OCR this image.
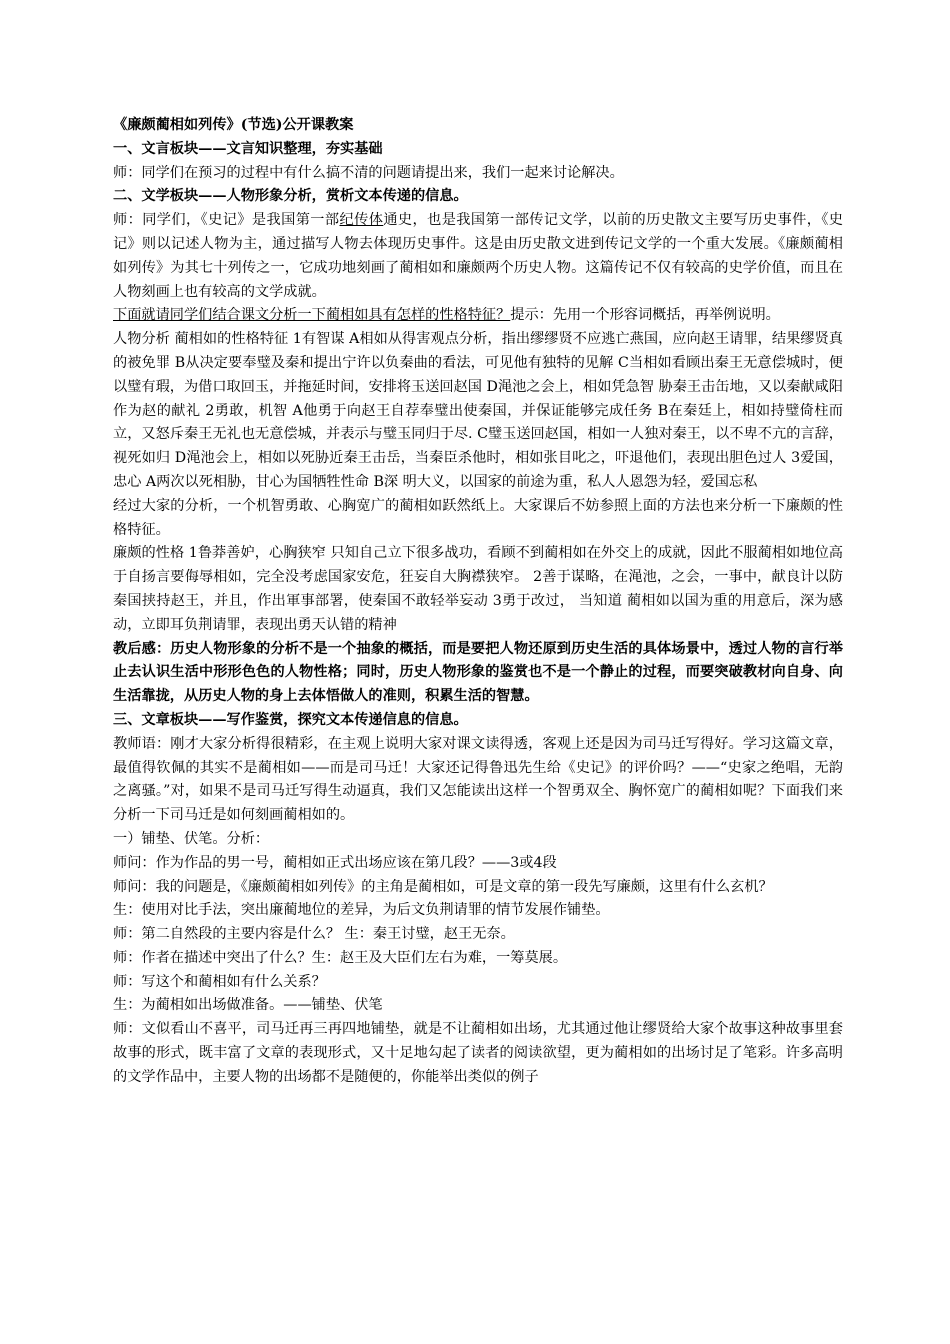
《廉颇蔺相如列传》(节选)公开课教案

一、文言板块——文言知识整理，夯实基础

师：同学们在预习的过程中有什么搞不清的问题请提出来，我们一起来讨论解决。

二、文学板块——人物形象分析，赏析文本传递的信息。

师：同学们，《史记》是我国第一部纪传体通史，也是我国第一部传记文学，以前的历史散文主要写历史事件，《史记》则以记述人物为主，通过描写人物去体现历史事件。这是由历史散文进到传记文学的一个重大发展。《廉颇蔺相如列传》为其七十列传之一，它成功地刻画了蔺相如和廉颇两个历史人物。这篇传记不仅有较高的史学价值，而且在人物刻画上也有较高的文学成就。

下面就请同学们结合课文分析一下蔺相如具有怎样的性格特征？提示：先用一个形容词概括，再举例说明。

人物分析 蔺相如的性格特征 1有智谋 A相如从得害观点分析，指出缪缪贤不应逃亡燕国，应向赵王请罪，结果缪贤真的被免罪 B从决定要奉璧及秦和提出宁许以负秦曲的看法，可见他有独特的见解 C当相如看顾出秦王无意偿城时，便以璧有瑕，为借口取回玉，并拖延时间，安排将玉送回赵国 D渑池之会上，相如凭急智 胁秦王击缶地，又以秦献咸阳作为赵的献礼 2勇敢，机智 A他勇于向赵王自荐奉璧出使秦国，并保证能够完成任务 B在秦廷上，相如持璧倚柱而立，又怒斥秦王无礼也无意偿城，并表示与璧玉同归于尽. C璧玉送回赵国，相如一人独对秦王，以不卑不亢的言辞，视死如归 D渑池会上，相如以死胁近秦王击岳，当秦臣杀他时，相如张目叱之，吓退他们，表现出胆色过人 3爱国，忠心 A两次以死相胁，甘心为国牺牲性命 B深 明大义，以国家的前途为重，私人人恩怨为轻，爱国忘私

经过大家的分析，一个机智勇敢、心胸宽广的蔺相如跃然纸上。大家课后不妨参照上面的方法也来分析一下廉颇的性格特征。

廉颇的性格 1鲁莽善妒，心胸狭窄 只知自己立下很多战功，看顾不到蔺相如在外交上的成就，因此不服蔺相如地位高于自扬言要侮辱相如，完全没考虑国家安危，狂妄自大胸襟狭窄。 2善于谋略，在渑池，之会，一事中，献良计以防秦国挟持赵王，并且，作出軍事部署，使秦国不敢轻举妄动 3勇于改过， 当知道 蔺相如以国为重的用意后，深为感动，立即耳负荆请罪，表现出勇天认错的精神

教后感：历史人物形象的分析不是一个抽象的概括，而是要把人物还原到历史生活的具体场景中，透过人物的言行举止去认识生活中形形色色的人物性格；同时，历史人物形象的鉴赏也不是一个静止的过程，而要突破教材向自身、向生活靠拢，从历史人物的身上去体悟做人的准则，积累生活的智慧。

三、文章板块——写作鉴赏，探究文本传递信息的信息。

教师语：刚才大家分析得很精彩，在主观上说明大家对课文读得透，客观上还是因为司马迁写得好。学习这篇文章，最值得钦佩的其实不是蔺相如——而是司马迁！大家还记得鲁迅先生给《史记》的评价吗？——“史家之绝唱，无韵之离骚。”对，如果不是司马迁写得生动逼真，我们又怎能读出这样一个智勇双全、胸怀宽广的蔺相如呢？下面我们来分析一下司马迁是如何刻画蔺相如的。

一）铺垫、伏笔。分析：

师问：作为作品的男一号，蔺相如正式出场应该在第几段？——3或4段

师问：我的问题是，《廉颇蔺相如列传》的主角是蔺相如，可是文章的第一段先写廉颇，这里有什么玄机？

生：使用对比手法，突出廉蔺地位的差异，为后文负荆请罪的情节发展作铺垫。

师：第二自然段的主要内容是什么？ 生：秦王讨璧，赵王无奈。

师：作者在描述中突出了什么？生：赵王及大臣们左右为难，一筹莫展。

师：写这个和蔺相如有什么关系？

生：为蔺相如出场做准备。——铺垫、伏笔

师：文似看山不喜平，司马迁再三再四地铺垫，就是不让蔺相如出场，尤其通过他让缪贤给大家个故事这种故事里套故事的形式，既丰富了文章的表现形式，又十足地勾起了读者的阅读欲望，更为蔺相如的出场讨足了笔彩。许多高明的文学作品中，主要人物的出场都不是随便的，你能举出类似的例子
